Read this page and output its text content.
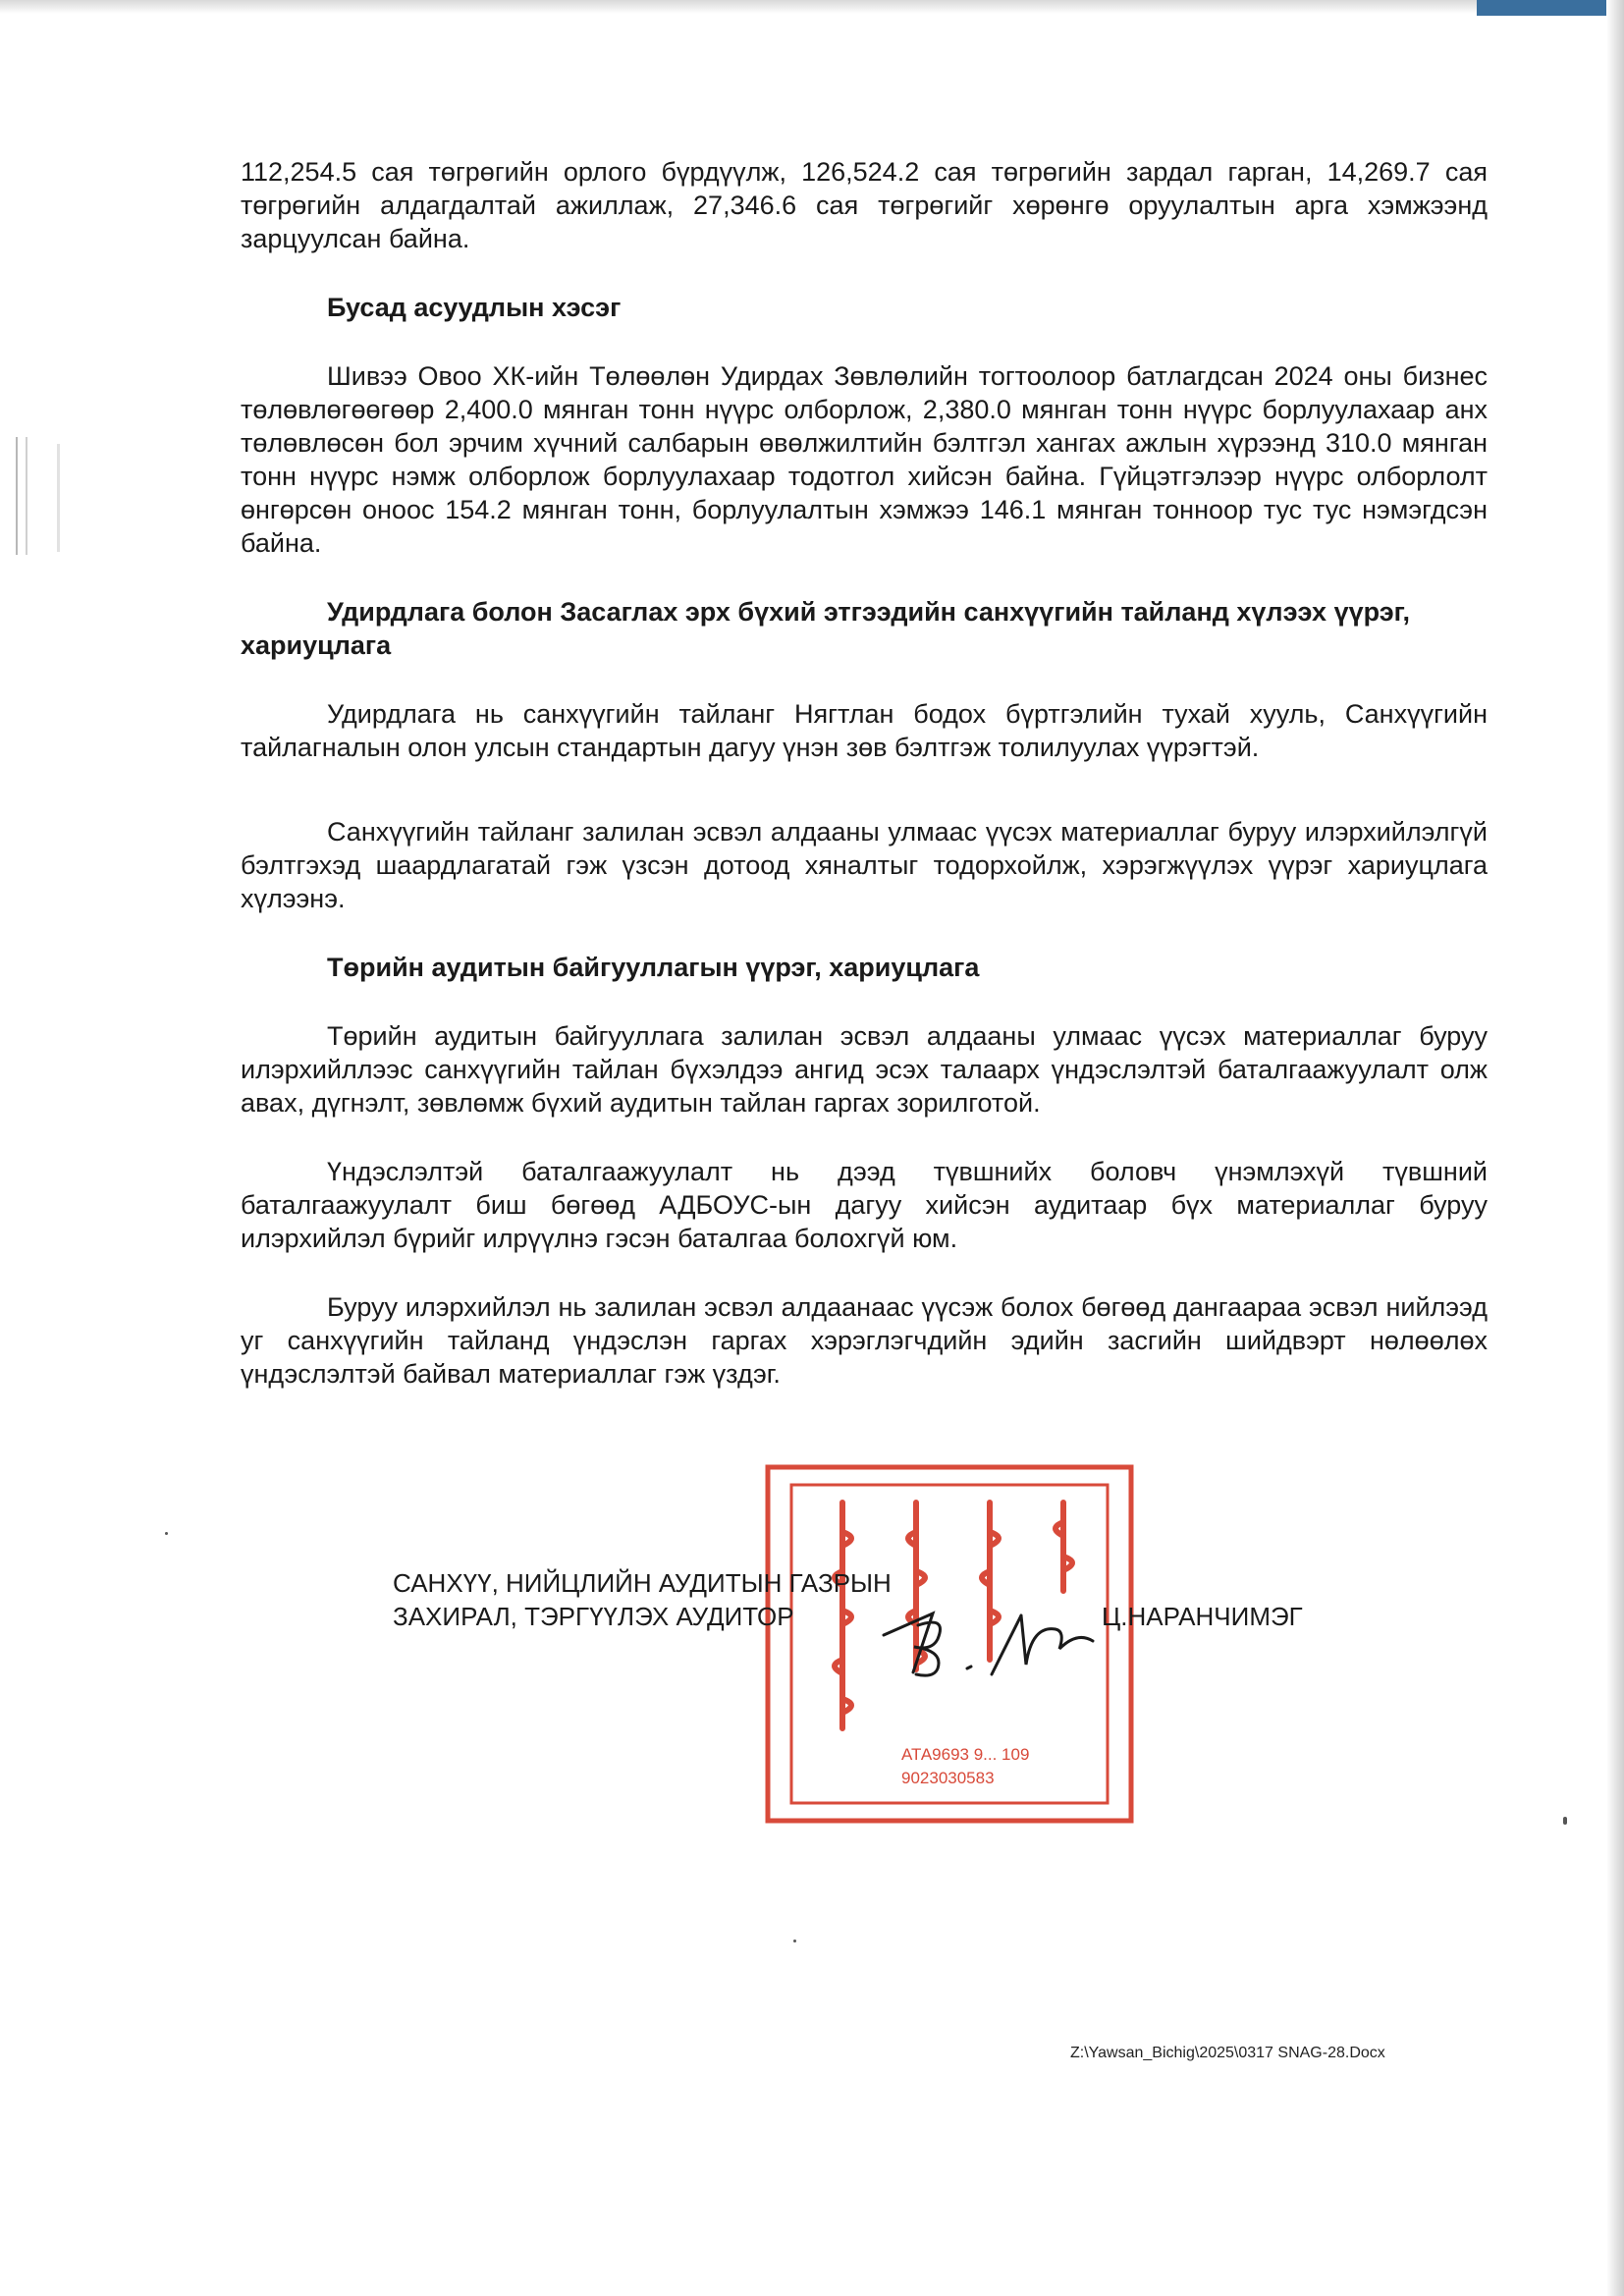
112,254.5 сая төгрөгийн орлого бүрдүүлж, 126,524.2 сая төгрөгийн зардал гарган, 14,269.7 сая төгрөгийн алдагдалтай ажиллаж, 27,346.6 сая төгрөгийг хөрөнгө оруулалтын арга хэмжээнд зарцуулсан байна.

Бусад асуудлын хэсэг

Шивээ Овоо ХК-ийн Төлөөлөн Удирдах Зөвлөлийн тогтоолоор батлагдсан 2024 оны бизнес төлөвлөгөөгөөр 2,400.0 мянган тонн нүүрс олборлож, 2,380.0 мянган тонн нүүрс борлуулахаар анх төлөвлөсөн бол эрчим хүчний салбарын өвөлжилтийн бэлтгэл хангах ажлын хүрээнд 310.0 мянган тонн нүүрс нэмж олборлож борлуулахаар тодотгол хийсэн байна. Гүйцэтгэлээр нүүрс олборлолт өнгөрсөн оноос 154.2 мянган тонн, борлуулалтын хэмжээ 146.1 мянган тонноор тус тус нэмэгдсэн байна.

Удирдлага болон Засаглах эрх бүхий этгээдийн санхүүгийн тайланд хүлээх үүрэг, хариуцлага

Удирдлага нь санхүүгийн тайланг Нягтлан бодох бүртгэлийн тухай хууль, Санхүүгийн тайлагналын олон улсын стандартын дагуу үнэн зөв бэлтгэж толилуулах үүрэгтэй.

Санхүүгийн тайланг залилан эсвэл алдааны улмаас үүсэх материаллаг буруу илэрхийлэлгүй бэлтгэхэд шаардлагатай гэж үзсэн дотоод хяналтыг тодорхойлж, хэрэгжүүлэх үүрэг хариуцлага хүлээнэ.

Төрийн аудитын байгууллагын үүрэг, хариуцлага

Төрийн аудитын байгууллага залилан эсвэл алдааны улмаас үүсэх материаллаг буруу илэрхийллээс санхүүгийн тайлан бүхэлдээ ангид эсэх талаарх үндэслэлтэй баталгаажуулалт олж авах, дүгнэлт, зөвлөмж бүхий аудитын тайлан гаргах зорилготой.

Үндэслэлтэй баталгаажуулалт нь дээд түвшнийх боловч үнэмлэхүй түвшний баталгаажуулалт биш бөгөөд АДБОУС-ын дагуу хийсэн аудитаар бүх материаллаг буруу илэрхийлэл бүрийг илрүүлнэ гэсэн баталгаа болохгүй юм.

Буруу илэрхийлэл нь залилан эсвэл алдаанаас үүсэж болох бөгөөд дангаараа эсвэл нийлээд уг санхүүгийн тайланд үндэслэн гаргах хэрэглэгчдийн эдийн засгийн шийдвэрт нөлөөлөх үндэслэлтэй байвал материаллаг гэж үздэг.

АТА9693 9... 109
9023030583
САНХҮҮ, НИЙЦЛИЙН АУДИТЫН ГАЗРЫН
ЗАХИРАЛ, ТЭРГҮҮЛЭХ АУДИТОР	Ц.НАРАНЧИМЭГ
Z:\Yawsan_Bichig\2025\0317 SNAG-28.Docx
